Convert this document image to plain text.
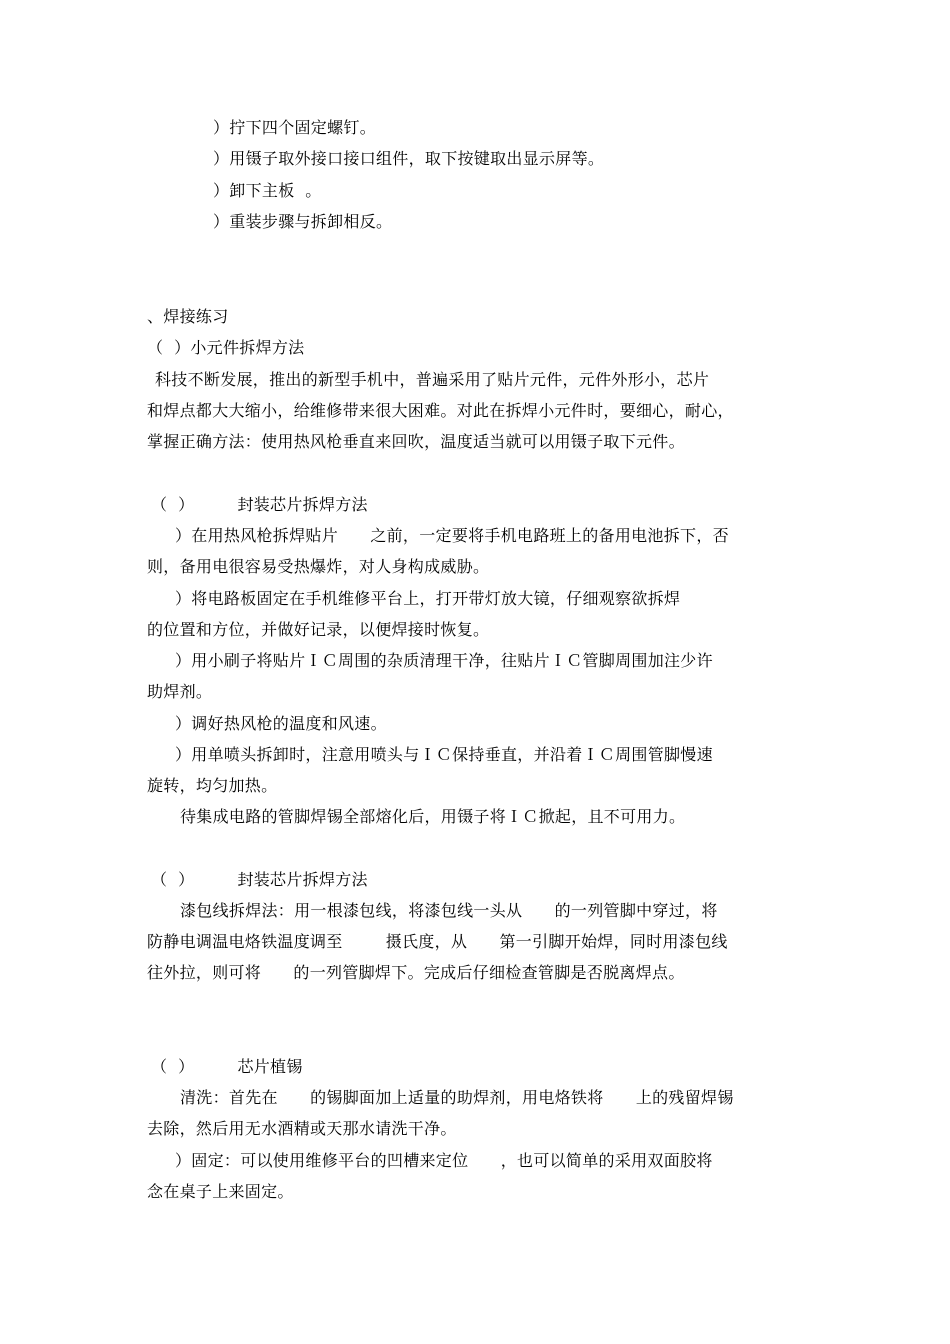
）拧下四个固定螺钉。
）用镊子取外接口接口组件，取下按键取出显示屏等。
）卸下主板  。
）重装步骤与拆卸相反。
、焊接练习
（  ）小元件拆焊方法
科技不断发展，推出的新型手机中，普遍采用了贴片元件，元件外形小，芯片
和焊点都大大缩小，给维修带来很大困难。对此在拆焊小元件时，要细心，耐心，
掌握正确方法：使用热风枪垂直来回吹，温度适当就可以用镊子取下元件。
（  ）        封装芯片拆焊方法
）在用热风枪拆焊贴片      之前，一定要将手机电路班上的备用电池拆下，否
则，备用电很容易受热爆炸，对人身构成威胁。
）将电路板固定在手机维修平台上，打开带灯放大镜，仔细观察欲拆焊
的位置和方位，并做好记录，以便焊接时恢复。
）用小刷子将贴片ＩＣ周围的杂质清理干净，往贴片ＩＣ管脚周围加注少许
助焊剂。
）调好热风枪的温度和风速。
）用单喷头拆卸时，注意用喷头与ＩＣ保持垂直，并沿着ＩＣ周围管脚慢速
旋转，均匀加热。
待集成电路的管脚焊锡全部熔化后，用镊子将ＩＣ掀起，且不可用力。
（  ）        封装芯片拆焊方法
漆包线拆焊法：用一根漆包线，将漆包线一头从      的一列管脚中穿过，将
防静电调温电烙铁温度调至        摄氏度，从      第一引脚开始焊，同时用漆包线
往外拉，则可将      的一列管脚焊下。完成后仔细检查管脚是否脱离焊点。
（  ）        芯片植锡
清洗：首先在      的锡脚面加上适量的助焊剂，用电烙铁将      上的残留焊锡
去除，然后用无水酒精或天那水请洗干净。
）固定：可以使用维修平台的凹槽来定位      ，也可以简单的采用双面胶将
念在桌子上来固定。
